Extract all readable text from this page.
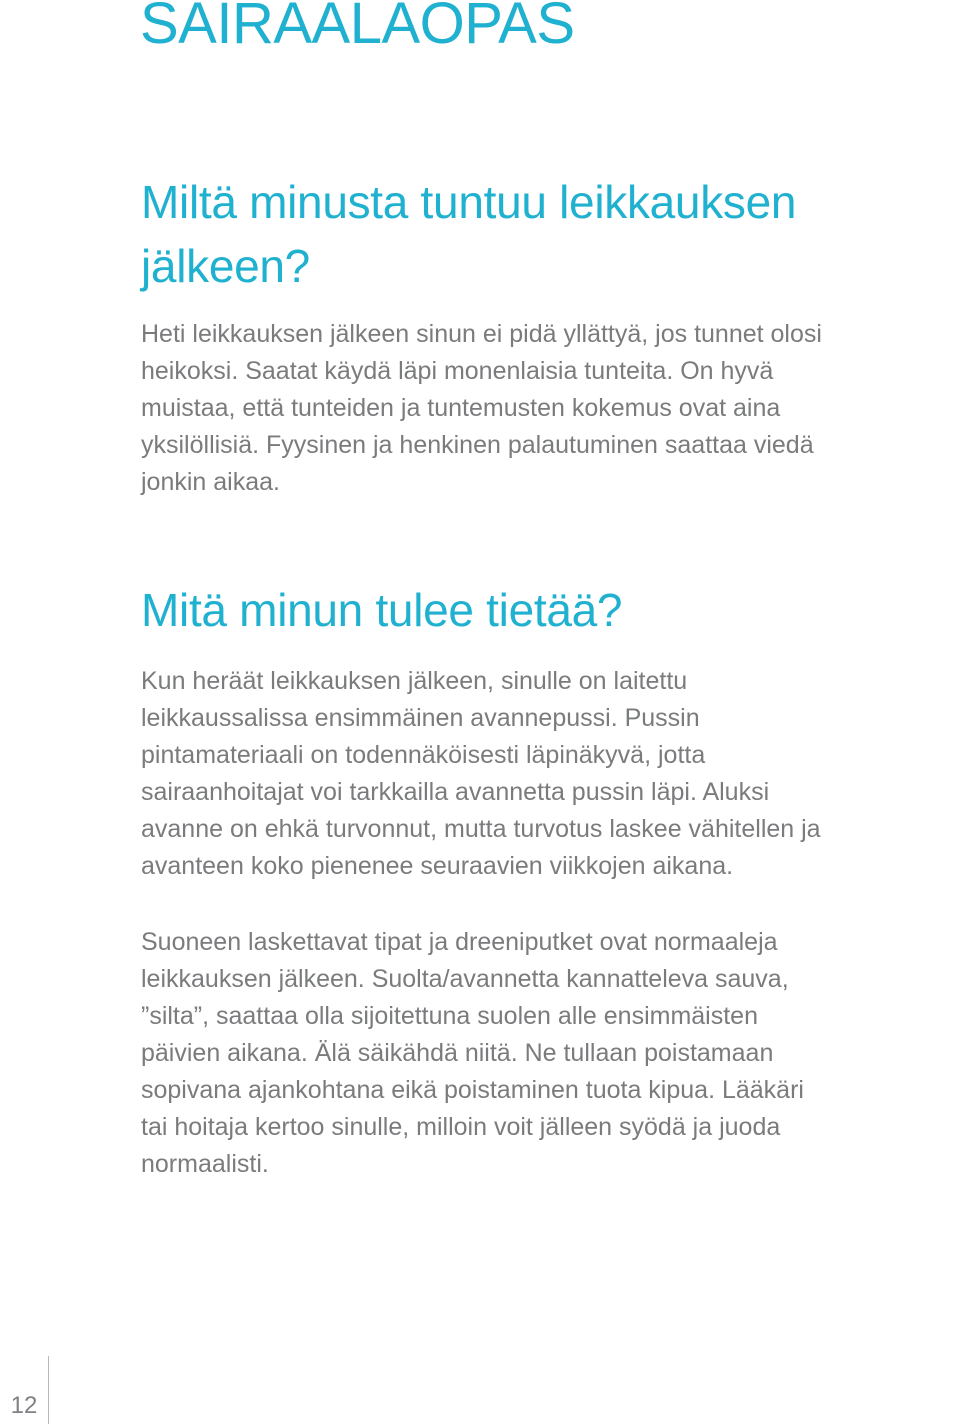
SAIRAALAOPAS
Miltä minusta tuntuu leikkauksen
jälkeen?

Heti leikkauksen jälkeen sinun ei pidä yllättyä, jos tunnet olosi
heikoksi. Saatat käydä läpi monenlaisia tunteita. On hyvä
muistaa, että tunteiden ja tuntemusten kokemus ovat aina
yksilöllisiä. Fyysinen ja henkinen palautuminen saattaa viedä
jonkin aikaa.

Mitä minun tulee tietää?

Kun heräät leikkauksen jälkeen, sinulle on laitettu
leikkaussalissa ensimmäinen avannepussi. Pussin
pintamateriaali on todennäköisesti läpinäkyvä, jotta
sairaanhoitajat voi tarkkailla avannetta pussin läpi. Aluksi
avanne on ehkä turvonnut, mutta turvotus laskee vähitellen ja
avanteen koko pienenee seuraavien viikkojen aikana.

Suoneen laskettavat tipat ja dreeniputket ovat normaaleja
leikkauksen jälkeen. Suolta/avannetta kannatteleva sauva,
”silta”, saattaa olla sijoitettuna suolen alle ensimmäisten
päivien aikana. Älä säikähdä niitä. Ne tullaan poistamaan
sopivana ajankohtana eikä poistaminen tuota kipua. Lääkäri
tai hoitaja kertoo sinulle, milloin voit jälleen syödä ja juoda
normaalisti.

12
